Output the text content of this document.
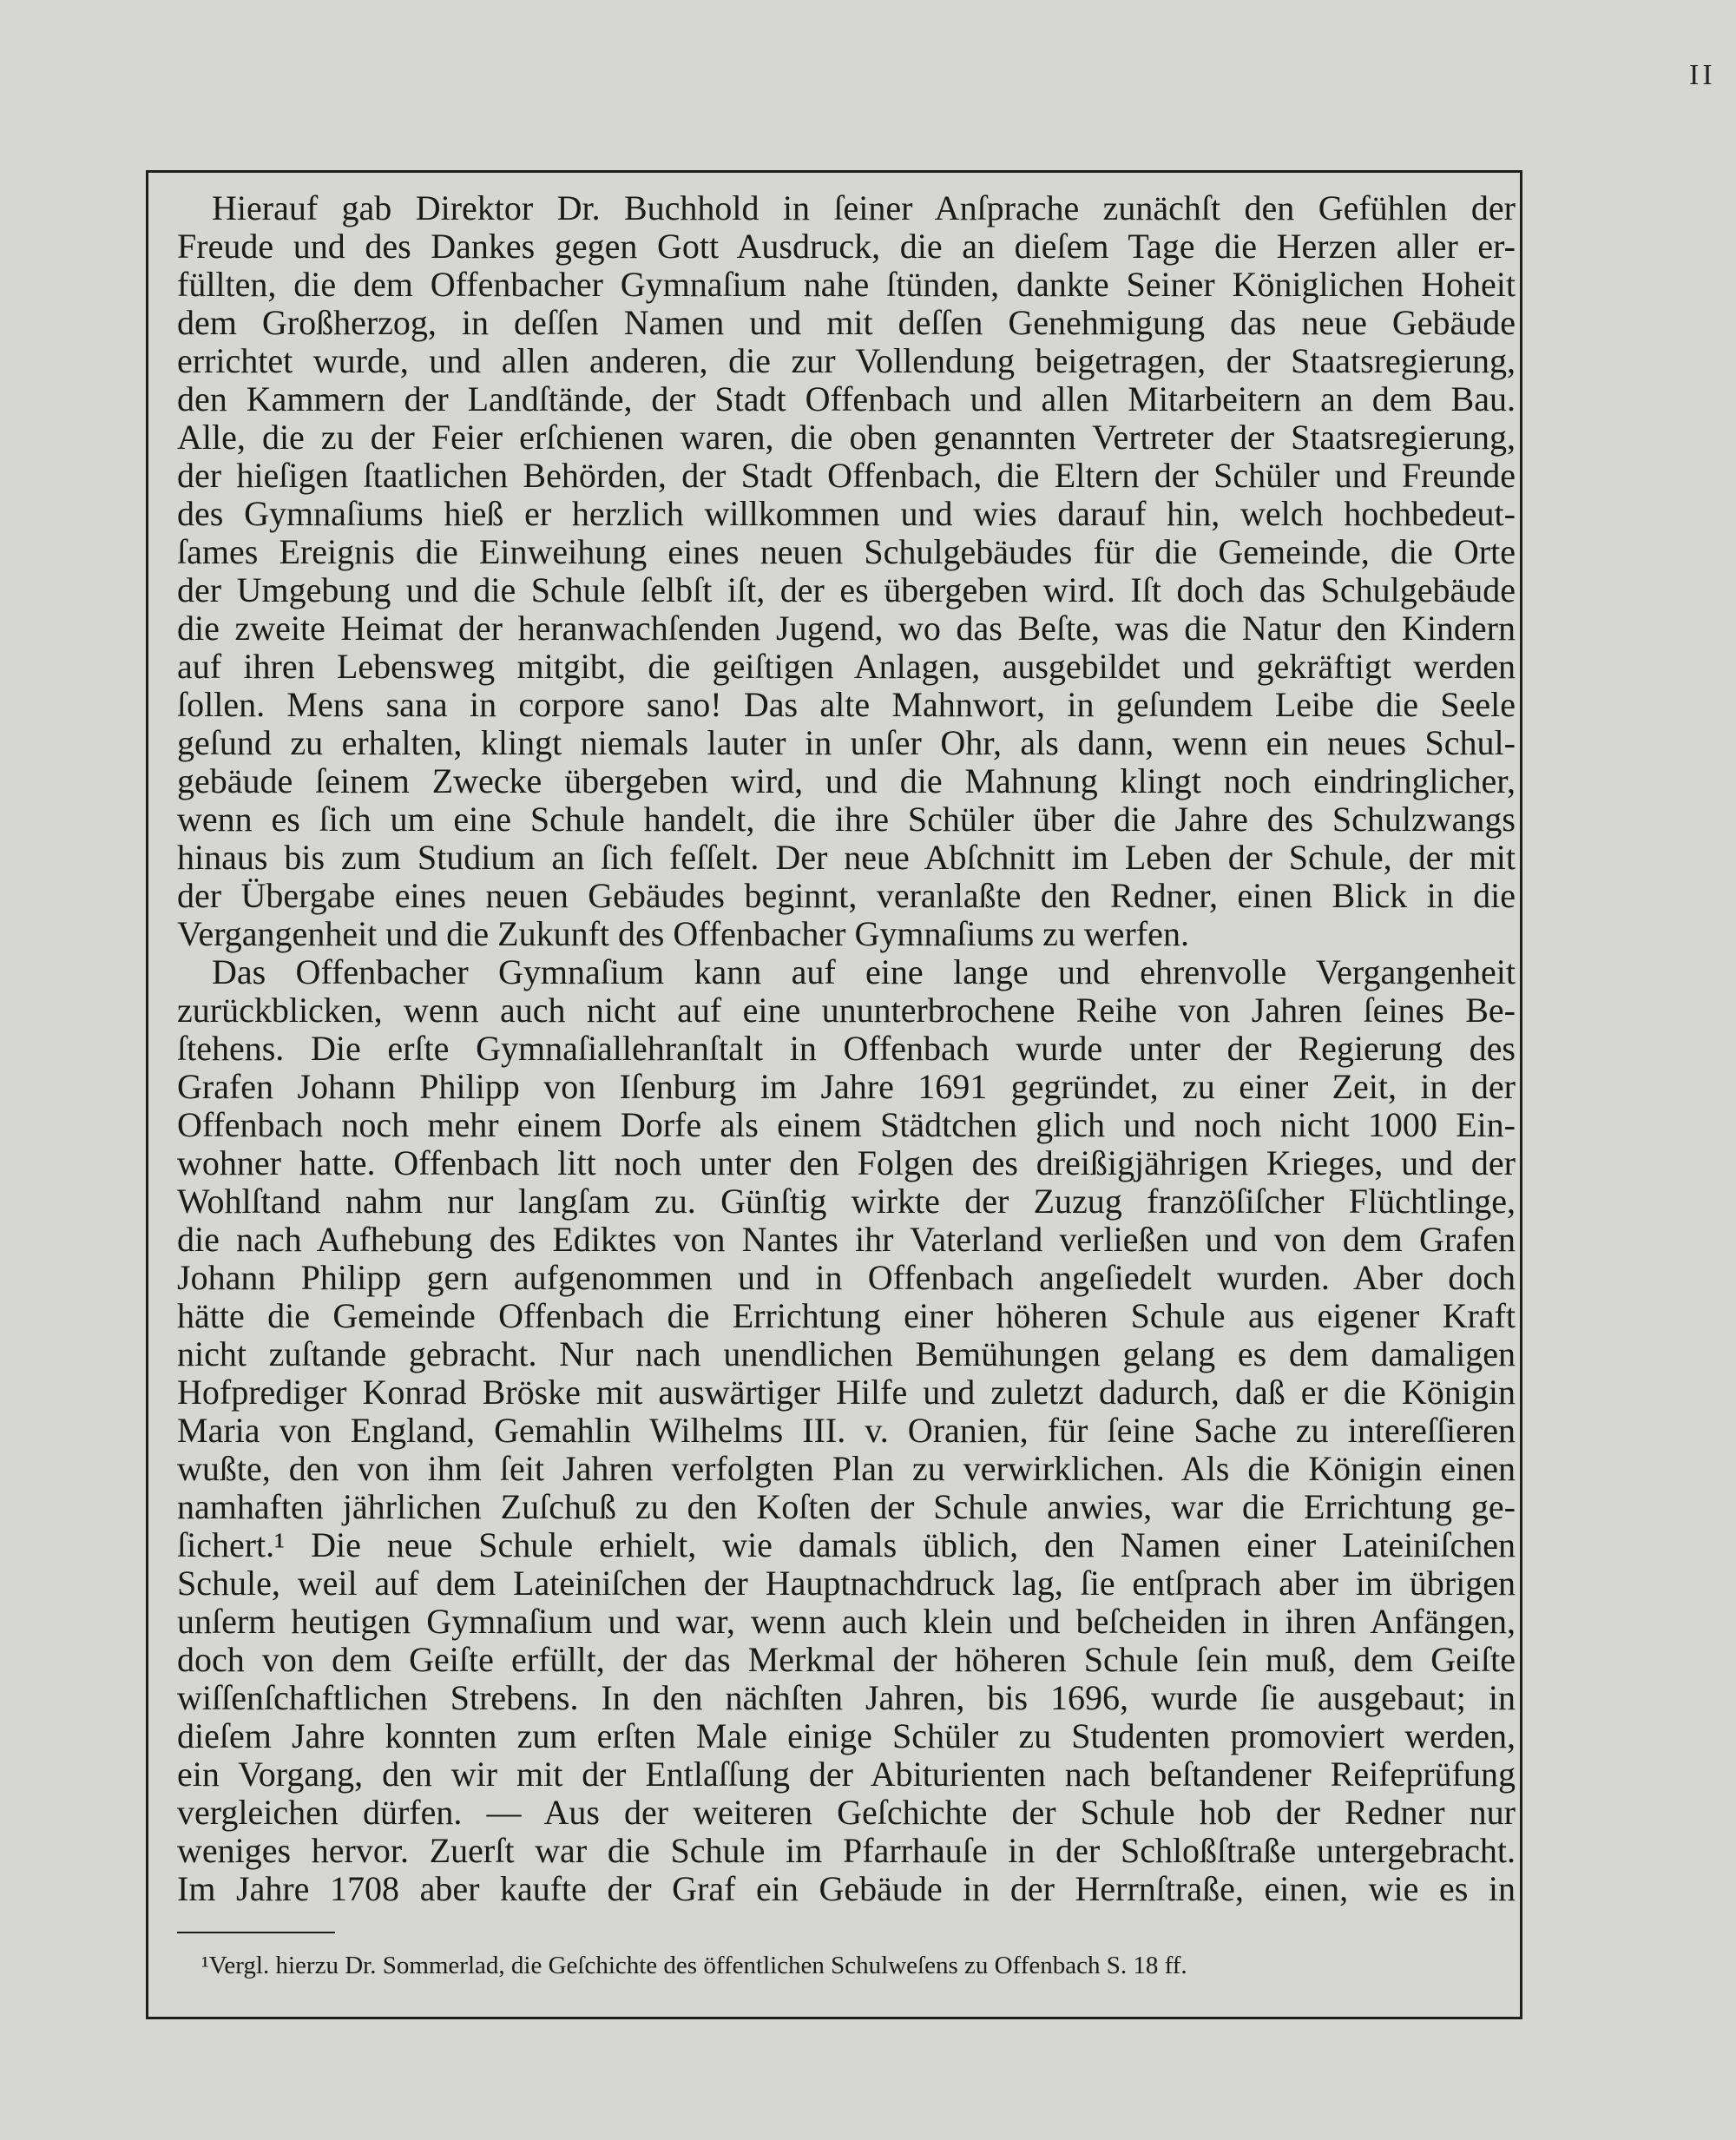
II
Hierauf gab Direktor Dr. Buchhold in ſeiner Anſprache zunächſt den Gefühlen der
Freude und des Dankes gegen Gott Ausdruck, die an dieſem Tage die Herzen aller er-
füllten, die dem Offenbacher Gymnaſium nahe ſtünden, dankte Seiner Königlichen Hoheit
dem Großherzog, in deſſen Namen und mit deſſen Genehmigung das neue Gebäude
errichtet wurde, und allen anderen, die zur Vollendung beigetragen, der Staatsregierung,
den Kammern der Landſtände, der Stadt Offenbach und allen Mitarbeitern an dem Bau.
Alle, die zu der Feier erſchienen waren, die oben genannten Vertreter der Staatsregierung,
der hieſigen ſtaatlichen Behörden, der Stadt Offenbach, die Eltern der Schüler und Freunde
des Gymnaſiums hieß er herzlich willkommen und wies darauf hin, welch hochbedeut-
ſames Ereignis die Einweihung eines neuen Schulgebäudes für die Gemeinde, die Orte
der Umgebung und die Schule ſelbſt iſt, der es übergeben wird. Iſt doch das Schulgebäude
die zweite Heimat der heranwachſenden Jugend, wo das Beſte, was die Natur den Kindern
auf ihren Lebensweg mitgibt, die geiſtigen Anlagen, ausgebildet und gekräftigt werden
ſollen. Mens sana in corpore sano! Das alte Mahnwort, in geſundem Leibe die Seele
geſund zu erhalten, klingt niemals lauter in unſer Ohr, als dann, wenn ein neues Schul-
gebäude ſeinem Zwecke übergeben wird, und die Mahnung klingt noch eindringlicher,
wenn es ſich um eine Schule handelt, die ihre Schüler über die Jahre des Schulzwangs
hinaus bis zum Studium an ſich feſſelt. Der neue Abſchnitt im Leben der Schule, der mit
der Übergabe eines neuen Gebäudes beginnt, veranlaßte den Redner, einen Blick in die
Vergangenheit und die Zukunft des Offenbacher Gymnaſiums zu werfen.
Das Offenbacher Gymnaſium kann auf eine lange und ehrenvolle Vergangenheit
zurückblicken, wenn auch nicht auf eine ununterbrochene Reihe von Jahren ſeines Be-
ſtehens. Die erſte Gymnaſiallehranſtalt in Offenbach wurde unter der Regierung des
Grafen Johann Philipp von Iſenburg im Jahre 1691 gegründet, zu einer Zeit, in der
Offenbach noch mehr einem Dorfe als einem Städtchen glich und noch nicht 1000 Ein-
wohner hatte. Offenbach litt noch unter den Folgen des dreißigjährigen Krieges, und der
Wohlſtand nahm nur langſam zu. Günſtig wirkte der Zuzug franzöſiſcher Flüchtlinge,
die nach Aufhebung des Ediktes von Nantes ihr Vaterland verließen und von dem Grafen
Johann Philipp gern aufgenommen und in Offenbach angeſiedelt wurden. Aber doch
hätte die Gemeinde Offenbach die Errichtung einer höheren Schule aus eigener Kraft
nicht zuſtande gebracht. Nur nach unendlichen Bemühungen gelang es dem damaligen
Hofprediger Konrad Bröske mit auswärtiger Hilfe und zuletzt dadurch, daß er die Königin
Maria von England, Gemahlin Wilhelms III. v. Oranien, für ſeine Sache zu intereſſieren
wußte, den von ihm ſeit Jahren verfolgten Plan zu verwirklichen. Als die Königin einen
namhaften jährlichen Zuſchuß zu den Koſten der Schule anwies, war die Errichtung ge-
ſichert.¹ Die neue Schule erhielt, wie damals üblich, den Namen einer Lateiniſchen
Schule, weil auf dem Lateiniſchen der Hauptnachdruck lag, ſie entſprach aber im übrigen
unſerm heutigen Gymnaſium und war, wenn auch klein und beſcheiden in ihren Anfängen,
doch von dem Geiſte erfüllt, der das Merkmal der höheren Schule ſein muß, dem Geiſte
wiſſenſchaftlichen Strebens. In den nächſten Jahren, bis 1696, wurde ſie ausgebaut; in
dieſem Jahre konnten zum erſten Male einige Schüler zu Studenten promoviert werden,
ein Vorgang, den wir mit der Entlaſſung der Abiturienten nach beſtandener Reifeprüfung
vergleichen dürfen. — Aus der weiteren Geſchichte der Schule hob der Redner nur
weniges hervor. Zuerſt war die Schule im Pfarrhauſe in der Schloßſtraße untergebracht.
Im Jahre 1708 aber kaufte der Graf ein Gebäude in der Herrnſtraße, einen, wie es in
¹Vergl. hierzu Dr. Sommerlad, die Geſchichte des öffentlichen Schulweſens zu Offenbach S. 18 ff.
